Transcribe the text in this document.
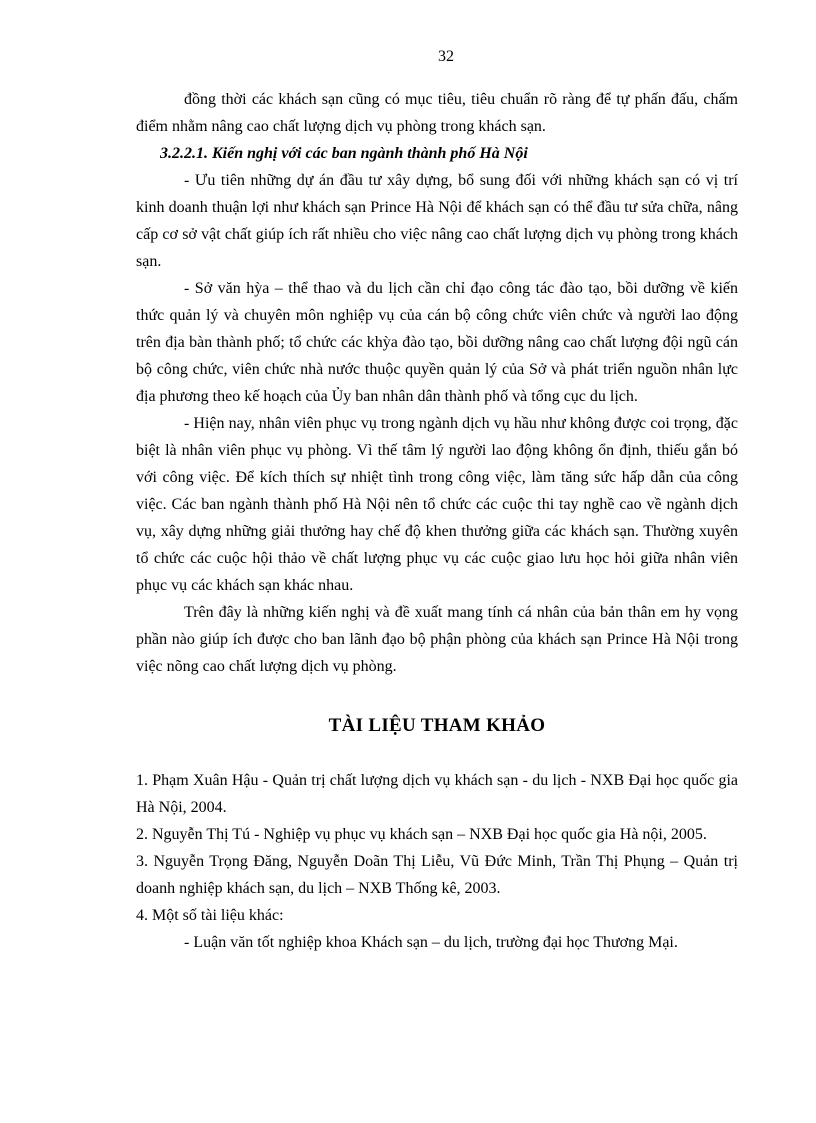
32

đồng thời các khách sạn cũng có mục tiêu, tiêu chuẩn rõ ràng để tự phấn đấu, chấm điểm nhằm nâng cao chất lượng dịch vụ phòng trong khách sạn.

3.2.2.1. Kiến nghị với các ban ngành thành phố Hà Nội

- Ưu tiên những dự án đầu tư xây dựng, bổ sung đối với những khách sạn có vị trí kinh doanh thuận lợi như khách sạn Prince Hà Nội để khách sạn có thể đầu tư sửa chữa, nâng cấp cơ sở vật chất giúp ích rất nhiều cho việc nâng cao chất lượng dịch vụ phòng trong khách sạn.

- Sở văn hỳa – thể thao và du lịch cần chỉ đạo công tác đào tạo, bồi dưỡng về kiến thức quản lý và chuyên môn nghiệp vụ của cán bộ công chức viên chức và người lao động trên địa bàn thành phố; tổ chức các khỳa đào tạo, bồi dưỡng nâng cao chất lượng đội ngũ cán bộ công chức, viên chức nhà nước thuộc quyền quản lý của Sở và phát triển nguồn nhân lực địa phương theo kế hoạch của Ủy ban nhân dân thành phố và tổng cục du lịch.

- Hiện nay, nhân viên phục vụ trong ngành dịch vụ hầu như không được coi trọng, đặc biệt là nhân viên phục vụ phòng. Vì thế tâm lý người lao động không ổn định, thiếu gắn bó với công việc. Để kích thích sự nhiệt tình trong công việc, làm tăng sức hấp dẫn của công việc. Các ban ngành thành phố Hà Nội nên tổ chức các cuộc thi tay nghề cao về ngành dịch vụ, xây dựng những giải thưởng hay chế độ khen thưởng giữa các khách sạn. Thường xuyên tổ chức các cuộc hội thảo về chất lượng phục vụ các cuộc giao lưu học hỏi giữa nhân viên phục vụ các khách sạn khác nhau.

Trên đây là những kiến nghị và đề xuất mang tính cá nhân của bản thân em hy vọng phần nào giúp ích được cho ban lãnh đạo bộ phận phòng của khách sạn Prince Hà Nội trong việc nõng cao chất lượng dịch vụ phòng.

TÀI LIỆU THAM KHẢO

1. Phạm Xuân Hậu - Quản trị chất lượng dịch vụ khách sạn - du lịch - NXB Đại học quốc gia Hà Nội, 2004.

2. Nguyễn Thị Tú - Nghiệp vụ phục vụ khách sạn – NXB Đại học quốc gia Hà nội, 2005.

3. Nguyễn Trọng Đăng, Nguyễn Doãn Thị Liễu, Vũ Đức Minh, Trần Thị Phụng – Quản trị doanh nghiệp khách sạn, du lịch – NXB Thống kê, 2003.

4. Một số tài liệu khác:

- Luận văn tốt nghiệp khoa Khách sạn – du lịch, trường đại học Thương Mại.
